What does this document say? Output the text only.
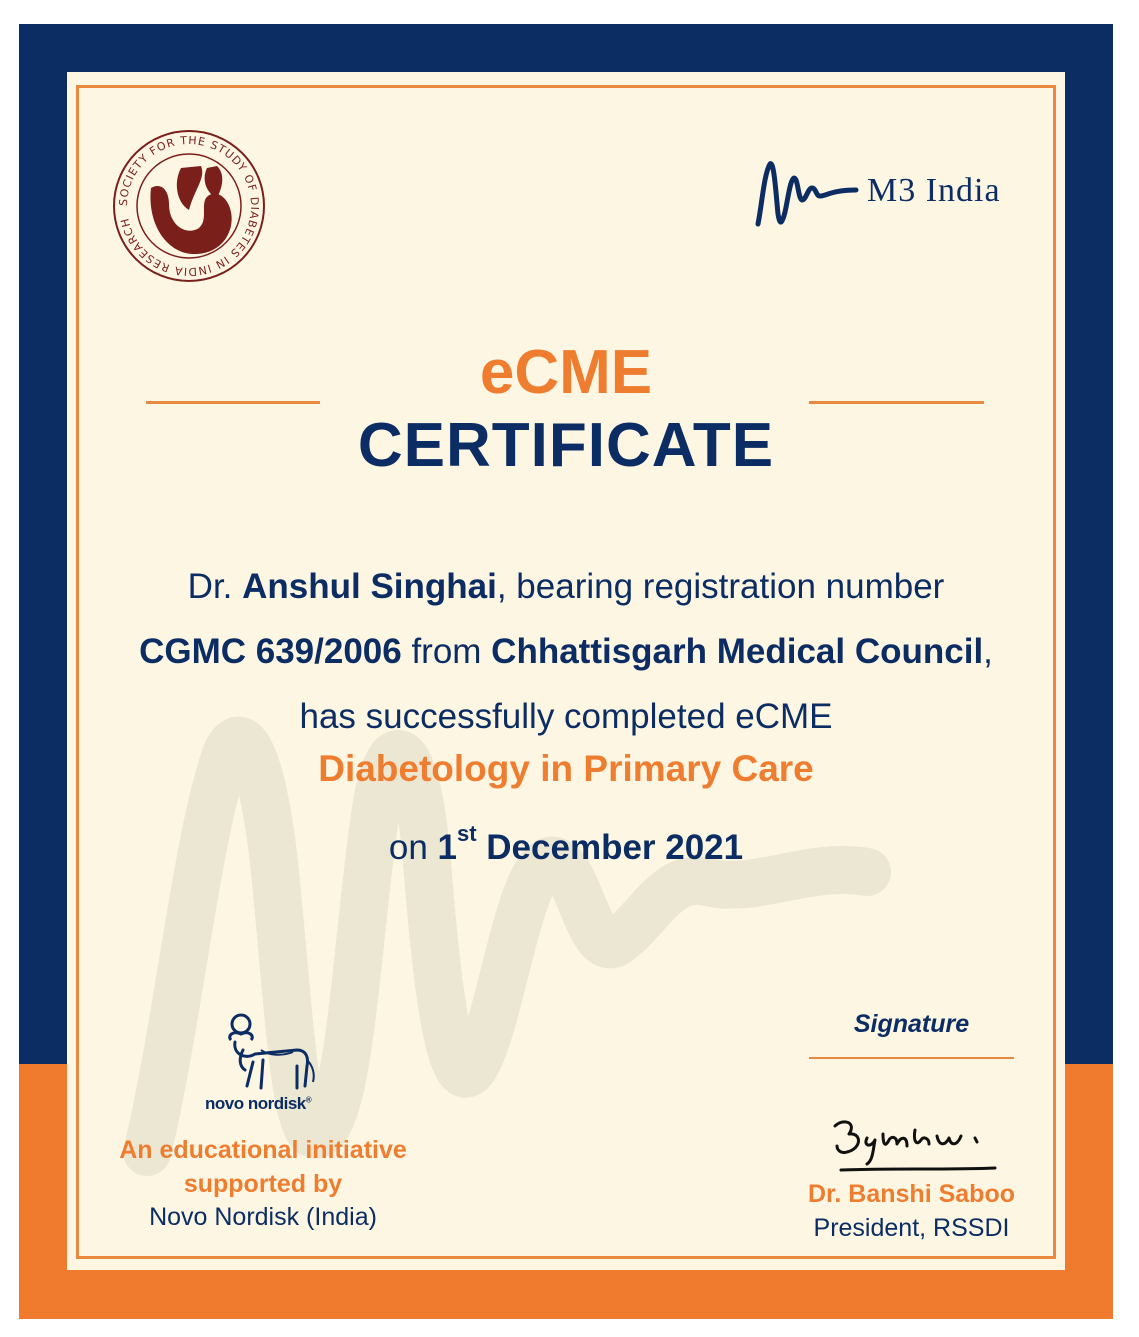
SOCIETY FOR THE STUDY OF DIABETES IN INDIA RESEARCH
M3 India
eCME
CERTIFICATE
Dr. Anshul Singhai, bearing registration number
CGMC 639/2006 from Chhattisgarh Medical Council, has successfully completed eCME
Diabetology in Primary Care
on 1st December 2021
novo nordisk®
An educational initiative
supported by
Novo Nordisk (India)
Signature
Dr. Banshi Saboo
President, RSSDI
